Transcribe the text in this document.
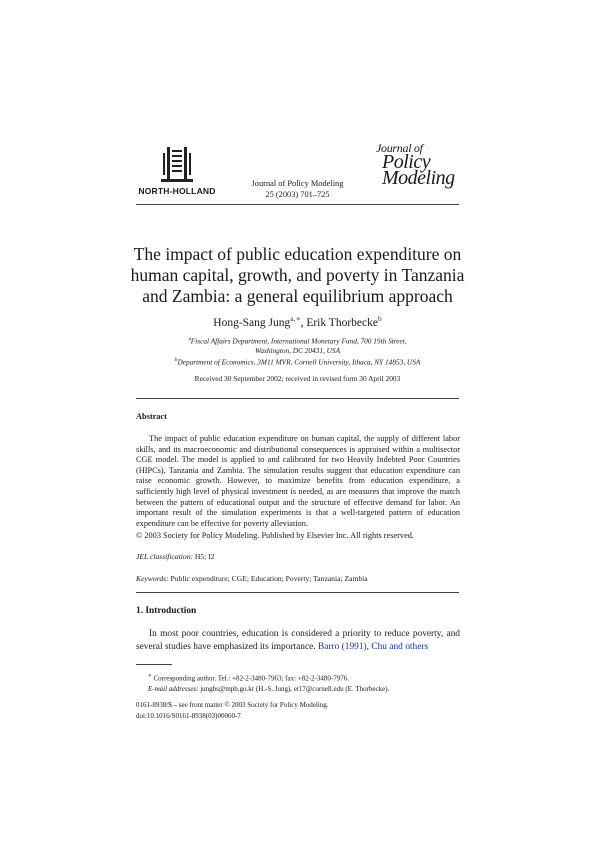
NORTH-HOLLAND
Journal of Policy Modeling
25 (2003) 701–725
Journal of
Policy
Modeling
The impact of public education expenditure on human capital, growth, and poverty in Tanzania and Zambia: a general equilibrium approach
Hong-Sang Jung$^{a,∗}$, Erik Thorbecke$^b$
$^a$Fiscal Affairs Department, International Monetary Fund, 700 19th Street,
Washington, DC 20431, USA
$^b$Department of Economics, 3M11 MVR, Cornell University, Ithaca, NY 14853, USA
Received 30 September 2002; received in revised form 30 April 2003
Abstract
The impact of public education expenditure on human capital, the supply of different labor skills, and its macroeconomic and distributional consequences is appraised within a multisector CGE model. The model is applied to and calibrated for two Heavily Indebted Poor Countries (HIPCs), Tanzania and Zambia. The simulation results suggest that education expenditure can raise economic growth. However, to maximize benefits from education expenditure, a sufficiently high level of physical investment is needed, as are measures that improve the match between the pattern of educational output and the structure of effective demand for labor. An important result of the simulation experiments is that a well-targeted pattern of education expenditure can be effective for poverty alleviation.
© 2003 Society for Policy Modeling. Published by Elsevier Inc. All rights reserved.
JEL classification: H5; I2
Keywords: Public expenditure; CGE; Education; Poverty; Tanzania; Zambia
1. Introduction
In most poor countries, education is considered a priority to reduce poverty, and several studies have emphasized its importance. Barro (1991), Chu and others
∗ Corresponding author. Tel.: +82-2-3480-7963; fax: +82-2-3480-7976.
E-mail addresses: jungbs@mpb.go.kr (H.-S. Jung), et17@cornell.edu (E. Thorbecke).
0161-8938/$ – see front matter © 2003 Society for Policy Modeling.
doi:10.1016/S0161-8938(03)00060-7
